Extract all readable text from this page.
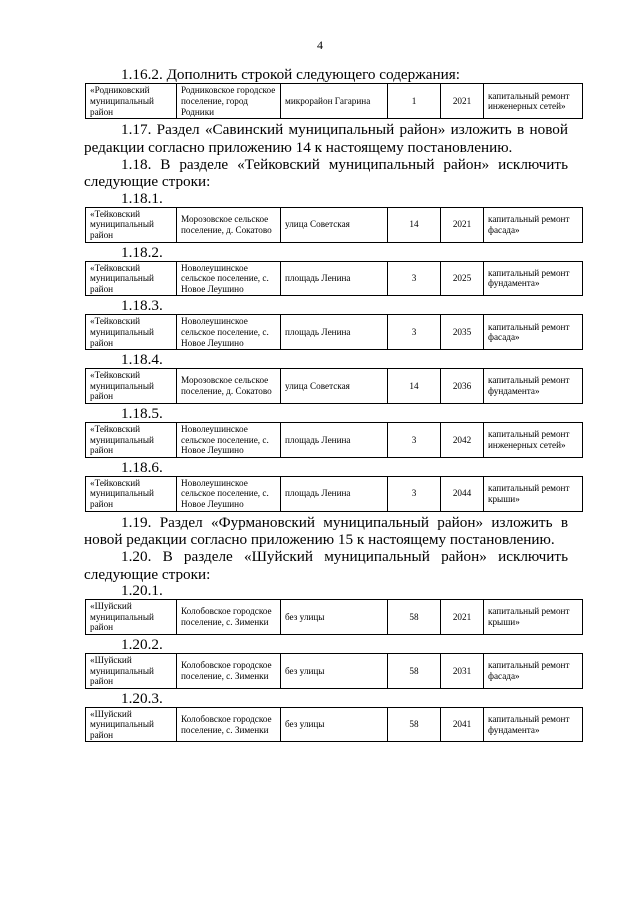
4

1.16.2. Дополнить строкой следующего содержания:

«Родниковский муниципальный район	Родниковское городское поселение, город Родники	микрорайон Гагарина	1	2021	капитальный ремонт инженерных сетей»

1.17. Раздел «Савинский муниципальный район» изложить в новой редакции согласно приложению 14 к настоящему постановлению.

1.18. В разделе «Тейковский муниципальный район» исключить следующие строки:

1.18.1.
«Тейковский муниципальный район	Морозовское сельское поселение, д. Сокатово	улица Советская	14	2021	капитальный ремонт фасада»
1.18.2.
«Тейковский муниципальный район	Новолеушинское сельское поселение, с. Новое Леушино	площадь Ленина	3	2025	капитальный ремонт фундамента»
1.18.3.
«Тейковский муниципальный район	Новолеушинское сельское поселение, с. Новое Леушино	площадь Ленина	3	2035	капитальный ремонт фасада»
1.18.4.
«Тейковский муниципальный район	Морозовское сельское поселение, д. Сокатово	улица Советская	14	2036	капитальный ремонт фундамента»
1.18.5.
«Тейковский муниципальный район	Новолеушинское сельское поселение, с. Новое Леушино	площадь Ленина	3	2042	капитальный ремонт инженерных сетей»
1.18.6.
«Тейковский муниципальный район	Новолеушинское сельское поселение, с. Новое Леушино	площадь Ленина	3	2044	капитальный ремонт крыши»

1.19. Раздел «Фурмановский муниципальный район» изложить в новой редакции согласно приложению 15 к настоящему постановлению.

1.20. В разделе «Шуйский муниципальный район» исключить следующие строки:

1.20.1.
«Шуйский муниципальный район	Колобовское городское поселение, с. Зименки	без улицы	58	2021	капитальный ремонт крыши»
1.20.2.
«Шуйский муниципальный район	Колобовское городское поселение, с. Зименки	без улицы	58	2031	капитальный ремонт фасада»
1.20.3.
«Шуйский муниципальный район	Колобовское городское поселение, с. Зименки	без улицы	58	2041	капитальный ремонт фундамента»
